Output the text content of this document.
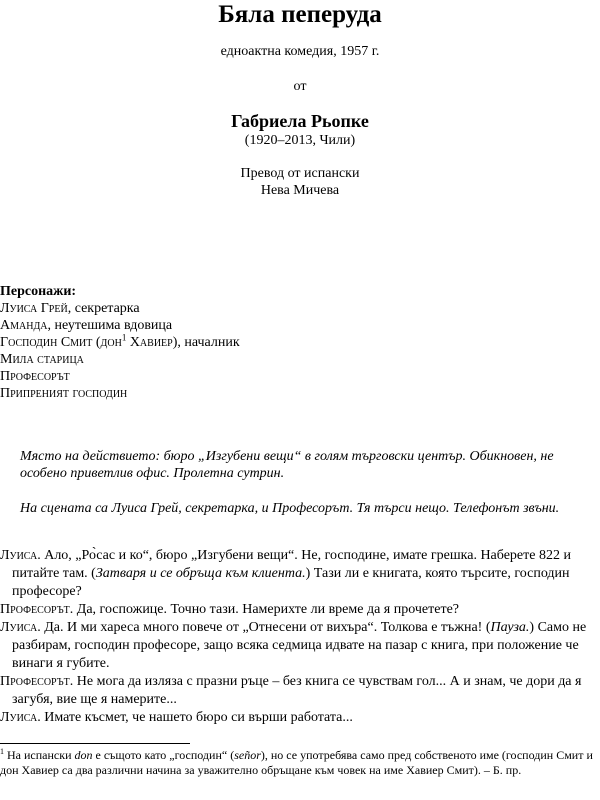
Бяла пеперуда
едноактна комедия, 1957 г.
от
Габриела Рьопке
(1920–2013, Чили)
Превод от испански
Нева Мичева
Персонажи:
Луиса Грей, секретарка
Аманда, неутешима вдовица
Господин Смит (дон$^1$ Хавиер), началник
Мила старица
Професорът
Припреният господин
Място на действието: бюро „Изгубени вещи“ в голям търговски център. Обикновен, не особено приветлив офис. Пролетна сутрин.
На сцената са Луиса Грей, секретарка, и Професорът. Тя търси нещо. Телефонът звъни.

Луиса. Ало, „Ро̀сас и ко“, бюро „Изгубени вещи“. Не, господине, имате грешка. Наберете 822 и питайте там. (Затваря и се обръща към клиента.) Тази ли е книгата, която търсите, господин професоре?

Професорът. Да, госпожице. Точно тази. Намерихте ли време да я прочетете?

Луиса. Да. И ми хареса много повече от „Отнесени от вихъра“. Толкова е тъжна! (Пауза.) Само не разбирам, господин професоре, защо всяка седмица идвате на пазар с книга, при положение че винаги я губите.

Професорът. Не мога да изляза с празни ръце – без книга се чувствам гол... А и знам, че дори да я загубя, вие ще я намерите...

Луиса. Имате късмет, че нашето бюро си върши работата...

$^1$ На испански don е същото като „господин“ (señor), но се употребява само пред собственото име (господин Смит и дон Хавиер са два различни начина за уважително обръщане към човек на име Хавиер Смит). – Б. пр.
